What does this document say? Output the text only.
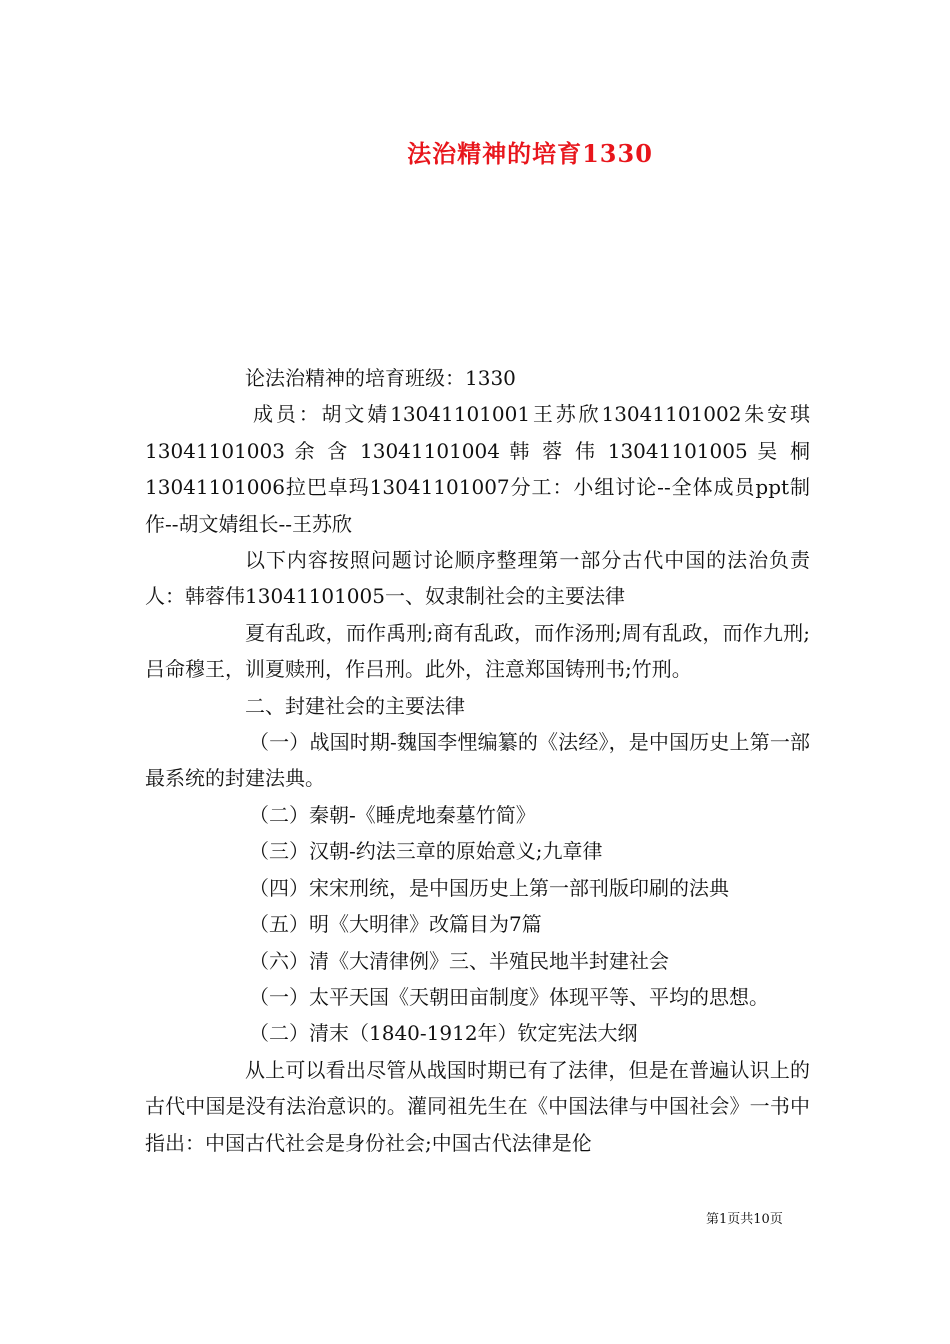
法治精神的培育1330

论法治精神的培育班级：1330

成员：胡文婧13041101001王苏欣13041101002朱安琪13041101003 余 含 13041101004 韩 蓉 伟 13041101005 吴 桐 13041101006拉巴卓玛13041101007分工：小组讨论--全体成员ppt制作--胡文婧组长--王苏欣

以下内容按照问题讨论顺序整理第一部分古代中国的法治负责人：韩蓉伟13041101005一、奴隶制社会的主要法律

夏有乱政，而作禹刑;商有乱政，而作汤刑;周有乱政，而作九刑;吕命穆王，训夏赎刑，作吕刑。此外，注意郑国铸刑书;竹刑。

二、封建社会的主要法律

（一）战国时期-魏国李悝编纂的《法经》，是中国历史上第一部最系统的封建法典。

（二）秦朝-《睡虎地秦墓竹简》

（三）汉朝-约法三章的原始意义;九章律

（四）宋宋刑统，是中国历史上第一部刊版印刷的法典

（五）明《大明律》改篇目为7篇

（六）清《大清律例》三、半殖民地半封建社会

（一）太平天国《天朝田亩制度》体现平等、平均的思想。

（二）清末（1840-1912年）钦定宪法大纲

从上可以看出尽管从战国时期已有了法律，但是在普遍认识上的古代中国是没有法治意识的。灌同祖先生在《中国法律与中国社会》一书中指出：中国古代社会是身份社会;中国古代法律是伦

第1页共10页
